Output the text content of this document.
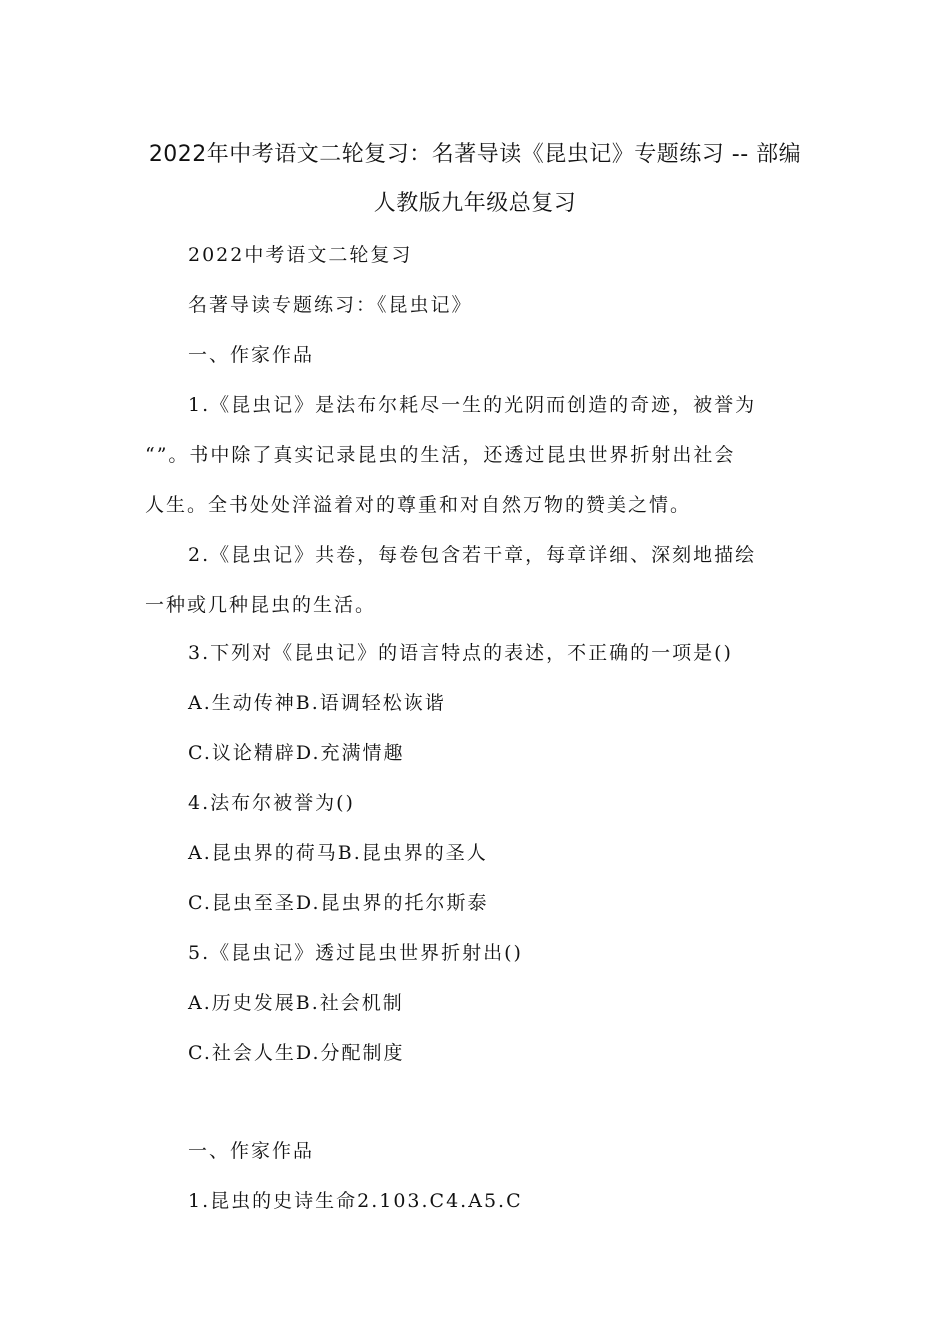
2022年中考语文二轮复习：名著导读《昆虫记》专题练习 -- 部编
人教版九年级总复习
2022中考语文二轮复习
名著导读专题练习：《昆虫记》
一、作家作品
1.《昆虫记》是法布尔耗尽一生的光阴而创造的奇迹，被誉为
“”。书中除了真实记录昆虫的生活，还透过昆虫世界折射出社会
人生。全书处处洋溢着对的尊重和对自然万物的赞美之情。
2.《昆虫记》共卷，每卷包含若干章，每章详细、深刻地描绘
一种或几种昆虫的生活。
3.下列对《昆虫记》的语言特点的表述，不正确的一项是()
A.生动传神B.语调轻松诙谐
C.议论精辟D.充满情趣
4.法布尔被誉为()
A.昆虫界的荷马B.昆虫界的圣人
C.昆虫至圣D.昆虫界的托尔斯泰
5.《昆虫记》透过昆虫世界折射出()
A.历史发展B.社会机制
C.社会人生D.分配制度
一、作家作品
1.昆虫的史诗生命2.103.C4.A5.C
